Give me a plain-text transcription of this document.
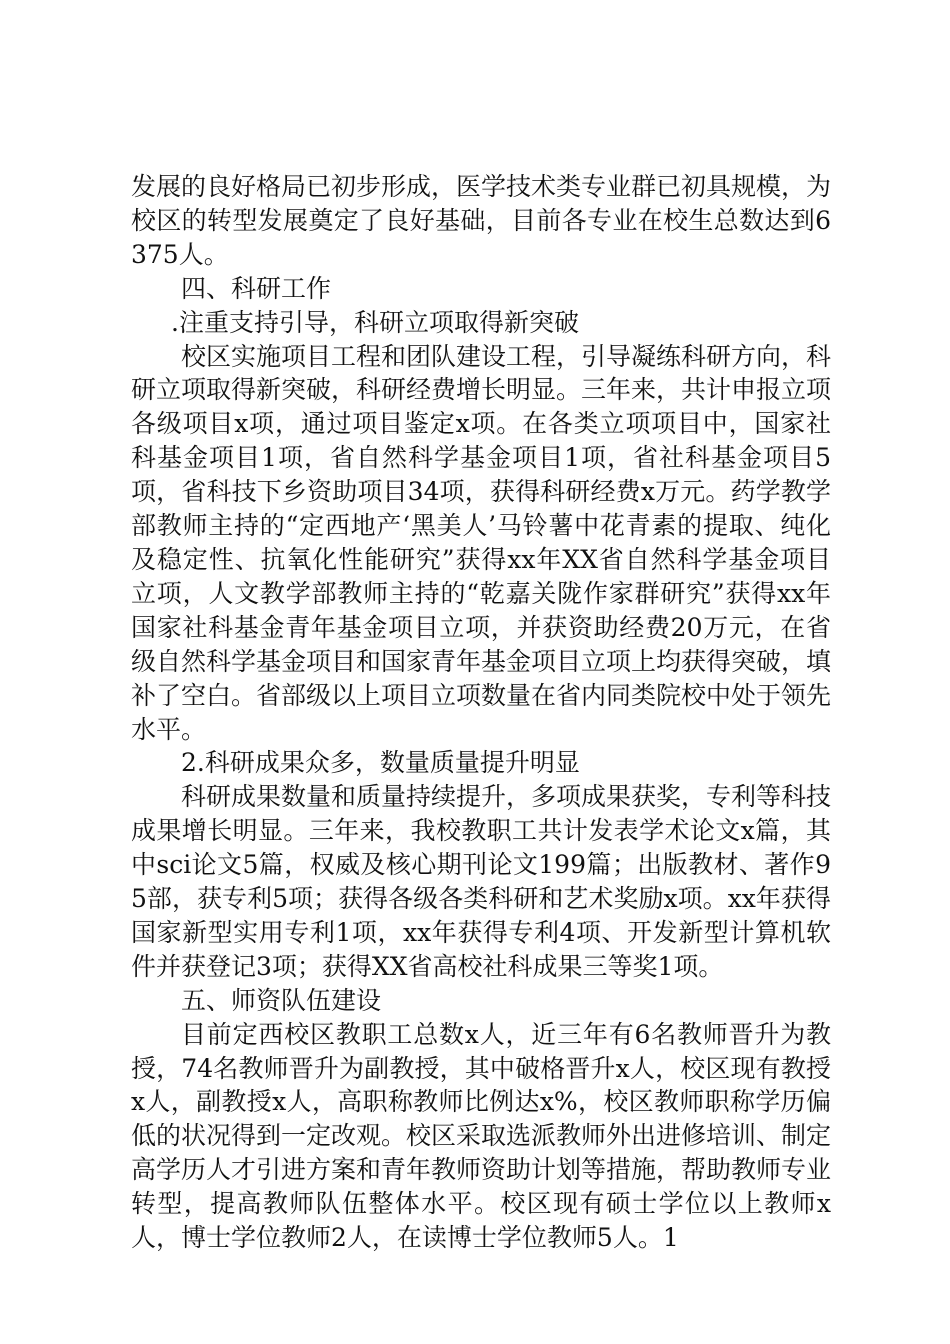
发展的良好格局已初步形成，医学技术类专业群已初具规模，为校区的转型发展奠定了良好基础，目前各专业在校生总数达到6375人。

四、科研工作

.注重支持引导，科研立项取得新突破

校区实施项目工程和团队建设工程，引导凝练科研方向，科研立项取得新突破，科研经费增长明显。三年来，共计申报立项各级项目x项，通过项目鉴定x项。在各类立项项目中，国家社科基金项目1项，省自然科学基金项目1项，省社科基金项目5项，省科技下乡资助项目34项，获得科研经费x万元。药学教学部教师主持的“定西地产‘黑美人’马铃薯中花青素的提取、纯化及稳定性、抗氧化性能研究”获得xx年XX省自然科学基金项目立项，人文教学部教师主持的“乾嘉关陇作家群研究”获得xx年国家社科基金青年基金项目立项，并获资助经费20万元，在省级自然科学基金项目和国家青年基金项目立项上均获得突破，填补了空白。省部级以上项目立项数量在省内同类院校中处于领先水平。

2.科研成果众多，数量质量提升明显

科研成果数量和质量持续提升，多项成果获奖，专利等科技成果增长明显。三年来，我校教职工共计发表学术论文x篇，其中sci论文5篇，权威及核心期刊论文199篇；出版教材、著作95部，获专利5项；获得各级各类科研和艺术奖励x项。xx年获得国家新型实用专利1项，xx年获得专利4项、开发新型计算机软件并获登记3项；获得XX省高校社科成果三等奖1项。

五、师资队伍建设

目前定西校区教职工总数x人，近三年有6名教师晋升为教授，74名教师晋升为副教授，其中破格晋升x人，校区现有教授x人，副教授x人，高职称教师比例达x%，校区教师职称学历偏低的状况得到一定改观。校区采取选派教师外出进修培训、制定高学历人才引进方案和青年教师资助计划等措施，帮助教师专业转型，提高教师队伍整体水平。校区现有硕士学位以上教师x人，博士学位教师2人，在读博士学位教师5人。1
